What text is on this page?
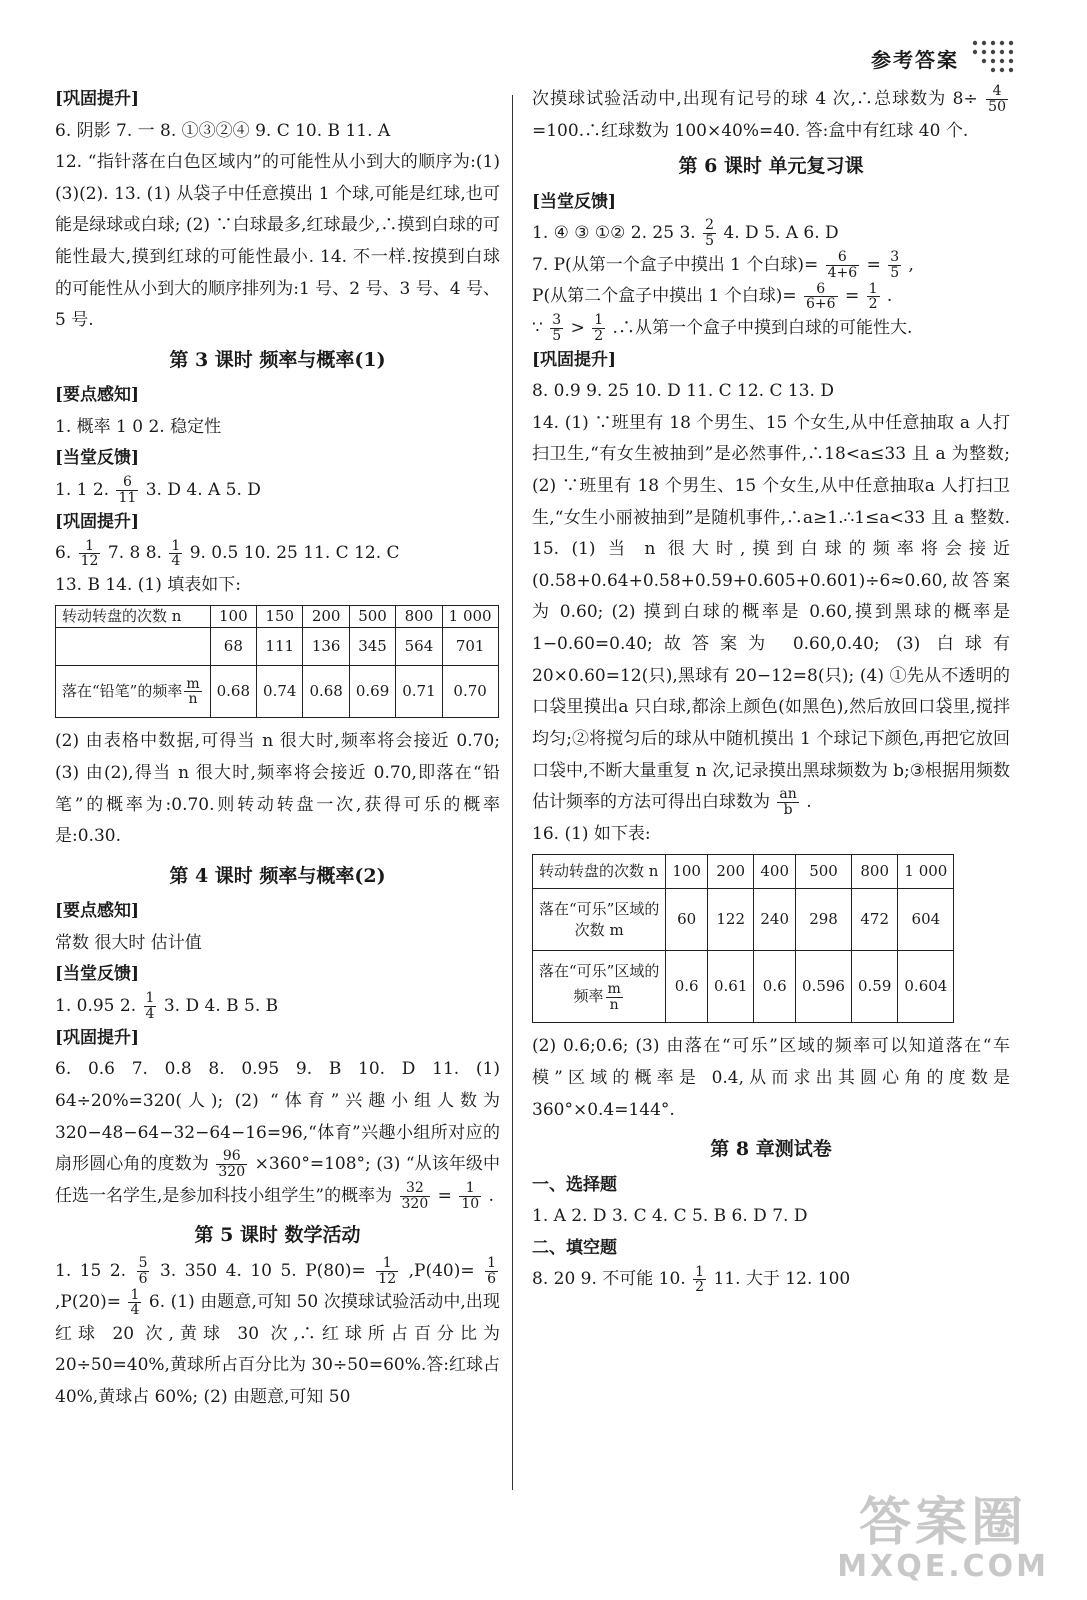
参考答案

[巩固提升]

6. 阴影 7. 一 8. ①③②④ 9. C 10. B 11. A

12. “指针落在白色区域内”的可能性从小到大的顺序为:(1)(3)(2). 13. (1) 从袋子中任意摸出 1 个球,可能是红球,也可能是绿球或白球; (2) ∵白球最多,红球最少,∴摸到白球的可能性最大,摸到红球的可能性最小. 14. 不一样.按摸到白球的可能性从小到大的顺序排列为:1 号、2 号、3 号、4 号、5 号.

第 3 课时 频率与概率(1)

[要点感知]

1. 概率 1 0 2. 稳定性

[当堂反馈]

1. 1 2. $\frac{6}{11} 3$. D 4. A 5. D

[巩固提升]

6. $\frac{1}{12} 7$. 8 8. $\frac{1}{4} 9$. 0.5 10. 25 11. C 12. C

13. B 14. (1) 填表如下:

转动转盘的次数 n	100	150	200	500	800	1 000
	68	111	136	345	564	701
落在“铅笔”的频率 $\frac{m}{n}$	0.68	0.74	0.68	0.69	0.71	0.70

(2) 由表格中数据,可得当 n 很大时,频率将会接近 0.70; (3) 由(2),得当 n 很大时,频率将会接近 0.70,即落在“铅笔”的概率为:0.70.则转动转盘一次,获得可乐的概率是:0.30.

第 4 课时 频率与概率(2)

[要点感知]

常数 很大时 估计值

[当堂反馈]

1. 0.95 2. $\frac{1}{4} 3$. D 4. B 5. B

[巩固提升]

6. 0.6 7. 0.8 8. 0.95 9. B 10. D 11. (1) 64÷20%=320(人); (2) “体育”兴趣小组人数为 320−48−64−32−64−16=96,“体育”兴趣小组所对应的扇形圆心角的度数为 $\frac{96}{320} \times 360^\circ=108^\circ$; (3) “从该年级中任选一名学生,是参加科技小组学生”的概率为 $\frac{32}{320} = \frac{1}{10}$ .

第 5 课时 数学活动

1. 15 2. $\frac{5}{6} 3$. 350 4. 10 5. $P(80)= \frac{1}{12} ,P(40)= \frac{1}{6}$
$,P(20)= \frac{1}{4} 6$. (1) 由题意,可知 50 次摸球试验活动中,出现红球 20 次,黄球 30 次,∴红球所占百分比为 20÷50=40%,黄球所占百分比为 30÷50=60%.答:红球占 40%,黄球占 60%; (2) 由题意,可知 50

次摸球试验活动中,出现有记号的球 4 次,∴总球数为 $8\div \frac{4}{50}$
=100.∴红球数为 100×40%=40. 答:盒中有红球 40 个.

第 6 课时 单元复习课

[当堂反馈]

1. ④ ③ ①② 2. 25 3. $\frac{2}{5} 4$. D 5. A 6. D

7. P(从第一个盒子中摸出 1 个白球)= $\frac{6}{4+6} = \frac{3}{5}$ ,

P(从第二个盒子中摸出 1 个白球)= $\frac{6}{6+6} = \frac{1}{2}$ .

∵ $\frac{3}{5} > \frac{1}{2}$ .∴从第一个盒子中摸到白球的可能性大.

[巩固提升]

8. 0.9 9. 25 10. D 11. C 12. C 13. D

14. (1) ∵班里有 18 个男生、15 个女生,从中任意抽取 a 人打扫卫生,“有女生被抽到”是必然事件,∴18<a≤33 且 a 为整数; (2) ∵班里有 18 个男生、15 个女生,从中任意抽取a 人打扫卫生,“女生小丽被抽到”是随机事件,∴a≥1.∴1≤a<33 且 a 整数. 15. (1) 当 n 很大时,摸到白球的频率将会接近(0.58+0.64+0.58+0.59+0.605+0.601)÷6≈0.60,故答案为 0.60; (2) 摸到白球的概率是 0.60,摸到黑球的概率是 1−0.60=0.40;故答案为 0.60,0.40; (3) 白球有 20×0.60=12(只),黑球有 20−12=8(只); (4) ①先从不透明的口袋里摸出a 只白球,都涂上颜色(如黑色),然后放回口袋里,搅拌均匀;②将搅匀后的球从中随机摸出 1 个球记下颜色,再把它放回口袋中,不断大量重复 n 次,记录摸出黑球频数为 b;③根据用频数估计频率的方法可得出白球数为 $\frac{an}{b}$ .

16. (1) 如下表:

转动转盘的次数 n	100	200	400	500	800	1 000
落在“可乐”区域的
次数 m	60	122	240	298	472	604
落在“可乐”区域的
频率 $\frac{m}{n}$	0.6	0.61	0.6	0.596	0.59	0.604

(2) 0.6;0.6; (3) 由落在“可乐”区域的频率可以知道落在“车模”区域的概率是 0.4,从而求出其圆心角的度数是 360°×0.4=144°.

第 8 章测试卷

一、选择题

1. A 2. D 3. C 4. C 5. B 6. D 7. D

二、填空题

8. 20 9. 不可能 10. $\frac{1}{2} 11$. 大于 12. 100

答案圈
MXQE.COM
